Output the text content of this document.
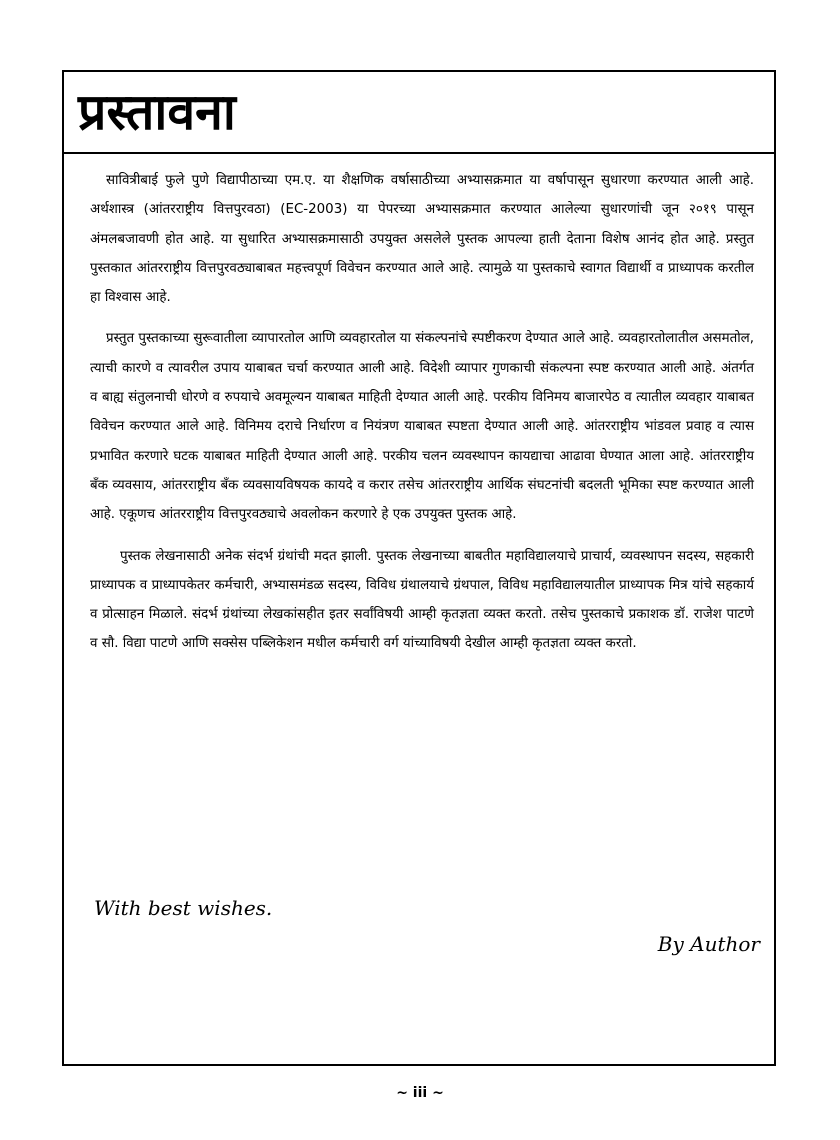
प्रस्तावना

सावित्रीबाई फुले पुणे विद्यापीठाच्या एम.ए. या शैक्षणिक वर्षासाठीच्या अभ्यासक्रमात या वर्षापासून सुधारणा करण्यात आली आहे. अर्थशास्त्र (आंतरराष्ट्रीय वित्तपुरवठा) (EC-2003) या पेपरच्या अभ्यासक्रमात करण्यात आलेल्या सुधारणांची जून २०१९ पासून अंमलबजावणी होत आहे. या सुधारित अभ्यासक्रमासाठी उपयुक्त असलेले पुस्तक आपल्या हाती देताना विशेष आनंद होत आहे. प्रस्तुत पुस्तकात आंतरराष्ट्रीय वित्तपुरवठ्याबाबत महत्त्वपूर्ण विवेचन करण्यात आले आहे. त्यामुळे या पुस्तकाचे स्वागत विद्यार्थी व प्राध्यापक करतील हा विश्वास आहे.

प्रस्तुत पुस्तकाच्या सुरूवातीला व्यापारतोल आणि व्यवहारतोल या संकल्पनांचे स्पष्टीकरण देण्यात आले आहे. व्यवहारतोलातील असमतोल, त्याची कारणे व त्यावरील उपाय याबाबत चर्चा करण्यात आली आहे. विदेशी व्यापार गुणकाची संकल्पना स्पष्ट करण्यात आली आहे. अंतर्गत व बाह्य संतुलनाची धोरणे व रुपयाचे अवमूल्यन याबाबत माहिती देण्यात आली आहे. परकीय विनिमय बाजारपेठ व त्यातील व्यवहार याबाबत विवेचन करण्यात आले आहे. विनिमय दराचे निर्धारण व नियंत्रण याबाबत स्पष्टता देण्यात आली आहे. आंतरराष्ट्रीय भांडवल प्रवाह व त्यास प्रभावित करणारे घटक याबाबत माहिती देण्यात आली आहे. परकीय चलन व्यवस्थापन कायद्याचा आढावा घेण्यात आला आहे. आंतरराष्ट्रीय बँक व्यवसाय, आंतरराष्ट्रीय बँक व्यवसायविषयक कायदे व करार तसेच आंतरराष्ट्रीय आर्थिक संघटनांची बदलती भूमिका स्पष्ट करण्यात आली आहे. एकूणच आंतरराष्ट्रीय वित्तपुरवठ्याचे अवलोकन करणारे हे एक उपयुक्त पुस्तक आहे.

पुस्तक लेखनासाठी अनेक संदर्भ ग्रंथांची मदत झाली. पुस्तक लेखनाच्या बाबतीत महाविद्यालयाचे प्राचार्य, व्यवस्थापन सदस्य, सहकारी प्राध्यापक व प्राध्यापकेतर कर्मचारी, अभ्यासमंडळ सदस्य, विविध ग्रंथालयाचे ग्रंथपाल, विविध महाविद्यालयातील प्राध्यापक मित्र यांचे सहकार्य व प्रोत्साहन मिळाले. संदर्भ ग्रंथांच्या लेखकांसहीत इतर सर्वांविषयी आम्ही कृतज्ञता व्यक्त करतो. तसेच पुस्तकाचे प्रकाशक डॉ. राजेश पाटणे व सौ. विद्या पाटणे आणि सक्सेस पब्लिकेशन मधील कर्मचारी वर्ग यांच्याविषयी देखील आम्ही कृतज्ञता व्यक्त करतो.

With best wishes.

By Author

~ iii ~
